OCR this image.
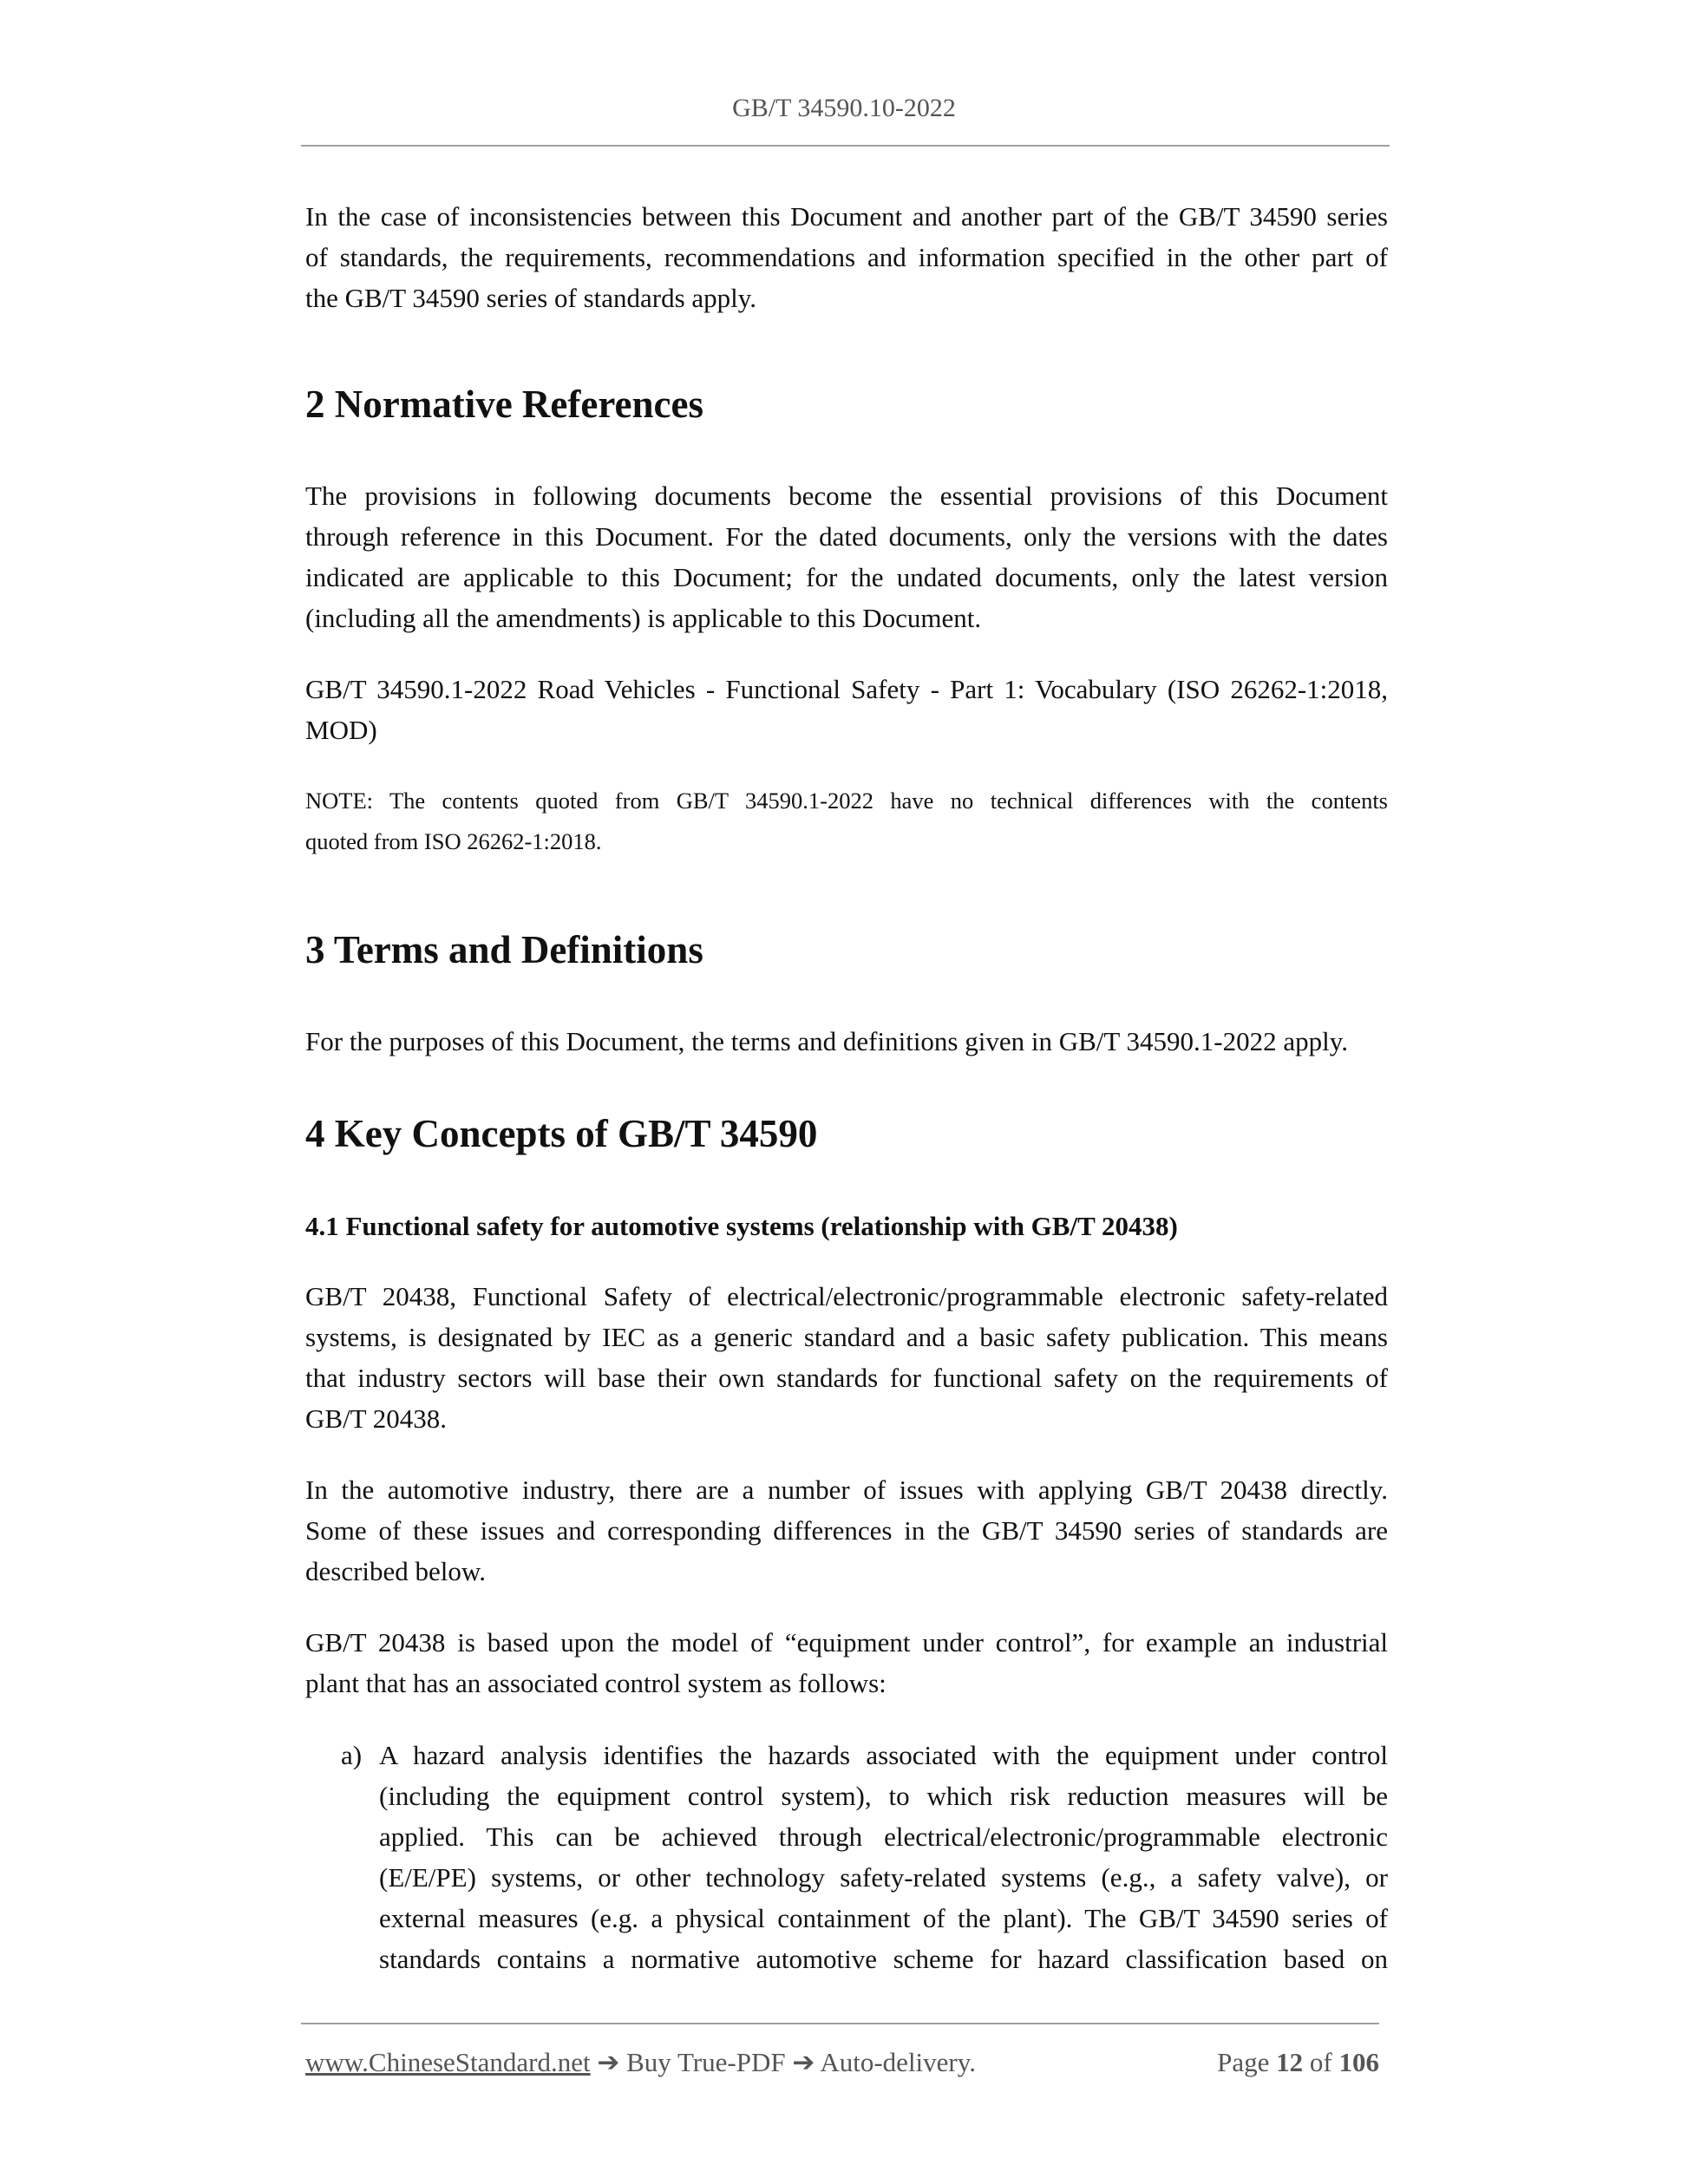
GB/T 34590.10-2022
In the case of inconsistencies between this Document and another part of the GB/T 34590 series
of standards, the requirements, recommendations and information specified in the other part of
the GB/T 34590 series of standards apply.
2 Normative References
The provisions in following documents become the essential provisions of this Document
through reference in this Document. For the dated documents, only the versions with the dates
indicated are applicable to this Document; for the undated documents, only the latest version
(including all the amendments) is applicable to this Document.
GB/T 34590.1-2022 Road Vehicles - Functional Safety - Part 1: Vocabulary (ISO 26262-1:2018,
MOD)
NOTE: The contents quoted from GB/T 34590.1-2022 have no technical differences with the contents
quoted from ISO 26262-1:2018.
3 Terms and Definitions
For the purposes of this Document, the terms and definitions given in GB/T 34590.1-2022 apply.
4 Key Concepts of GB/T 34590
4.1 Functional safety for automotive systems (relationship with GB/T 20438)
GB/T 20438, Functional Safety of electrical/electronic/programmable electronic safety-related
systems, is designated by IEC as a generic standard and a basic safety publication. This means
that industry sectors will base their own standards for functional safety on the requirements of
GB/T 20438.
In the automotive industry, there are a number of issues with applying GB/T 20438 directly.
Some of these issues and corresponding differences in the GB/T 34590 series of standards are
described below.
GB/T 20438 is based upon the model of “equipment under control”, for example an industrial
plant that has an associated control system as follows:
a) A hazard analysis identifies the hazards associated with the equipment under control
(including the equipment control system), to which risk reduction measures will be
applied. This can be achieved through electrical/electronic/programmable electronic
(E/E/PE) systems, or other technology safety-related systems (e.g., a safety valve), or
external measures (e.g. a physical containment of the plant). The GB/T 34590 series of
standards contains a normative automotive scheme for hazard classification based on
www.ChineseStandard.net ➔ Buy True-PDF ➔ Auto-delivery.	Page 12 of 106
